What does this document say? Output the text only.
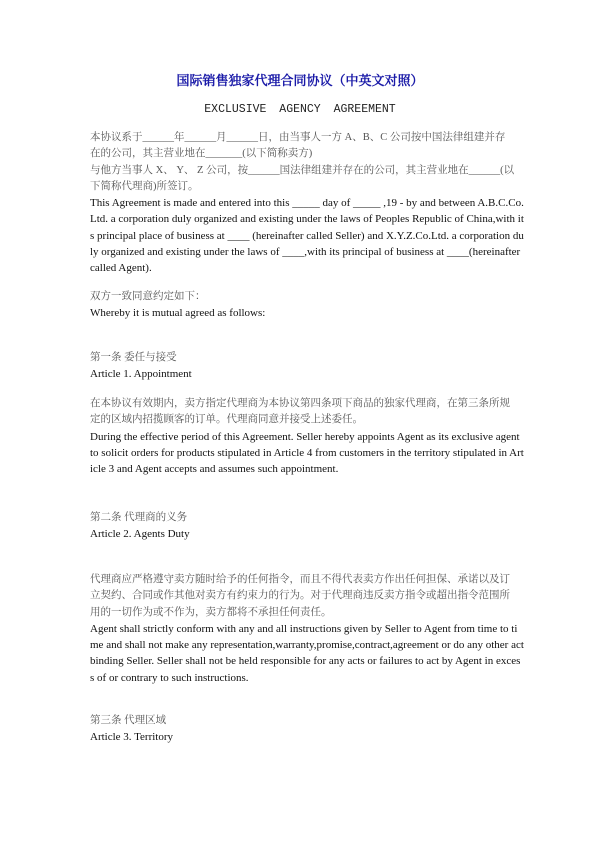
国际销售独家代理合同协议（中英文对照）
EXCLUSIVE AGENCY AGREEMENT
本协议系于______年______月______日，由当事人一方 A、B、C 公司按中国法律组建并存
在的公司，其主营业地在_______(以下简称卖方)
与他方当事人 X、 Y、 Z 公司，按______国法律组建并存在的公司，其主营业地在______(以
下简称代理商)所签订。
This Agreement is made and entered into this _____ day of _____ ,19 - by and between A.B.C.Co.
Ltd. a corporation duly organized and existing under the laws of Peoples Republic of China,with it
s principal place of business at ____ (hereinafter called Seller) and X.Y.Z.Co.Ltd. a corporation du
ly organized and existing under the laws of ____,with its principal of business at ____(hereinafter
called Agent).
双方一致同意约定如下：
Whereby it is mutual agreed as follows:
第一条 委任与接受
Article 1. Appointment
在本协议有效期内，卖方指定代理商为本协议第四条项下商品的独家代理商，在第三条所规
定的区域内招揽顾客的订单。代理商同意并接受上述委任。
During the effective period of this Agreement. Seller hereby appoints Agent as its exclusive agent
to solicit orders for products stipulated in Article 4 from customers in the territory stipulated in Art
icle 3 and Agent accepts and assumes such appointment.
第二条 代理商的义务
Article 2. Agents Duty
代理商应严格遵守卖方随时给予的任何指令，而且不得代表卖方作出任何担保、承诺以及订
立契约、合同或作其他对卖方有约束力的行为。对于代理商违反卖方指令或超出指令范围所
用的一切作为或不作为，卖方都将不承担任何责任。
Agent shall strictly conform with any and all instructions given by Seller to Agent from time to ti
me and shall not make any representation,warranty,promise,contract,agreement or do any other act
binding Seller. Seller shall not be held responsible for any acts or failures to act by Agent in exces
s of or contrary to such instructions.
第三条 代理区域
Article 3. Territory
